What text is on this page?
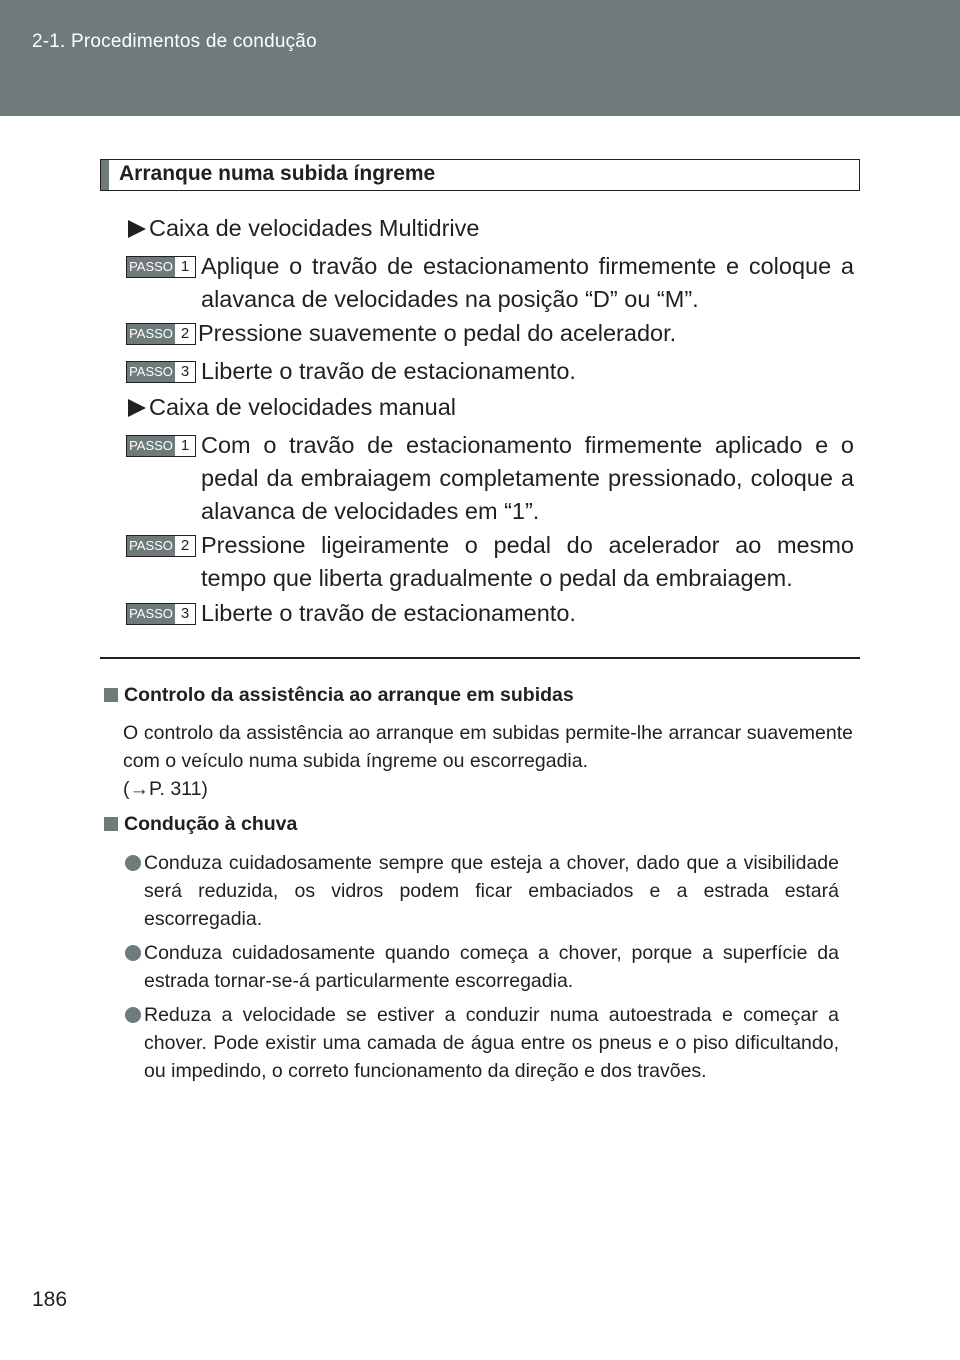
2-1. Procedimentos de condução
Arranque numa subida íngreme
Caixa de velocidades Multidrive
PASSO 1 Aplique o travão de estacionamento firmemente e coloque a alavanca de velocidades na posição “D” ou “M”.
PASSO 2 Pressione suavemente o pedal do acelerador.
PASSO 3 Liberte o travão de estacionamento.
Caixa de velocidades manual
PASSO 1 Com o travão de estacionamento firmemente aplicado e o pedal da embraiagem completamente pressionado, coloque a alavanca de velocidades em “1”.
PASSO 2 Pressione ligeiramente o pedal do acelerador ao mesmo tempo que liberta gradualmente o pedal da embraiagem.
PASSO 3 Liberte o travão de estacionamento.
Controlo da assistência ao arranque em subidas
O controlo da assistência ao arranque em subidas permite-lhe arrancar suavemente com o veículo numa subida íngreme ou escorregadia.
(→P. 311)
Condução à chuva
Conduza cuidadosamente sempre que esteja a chover, dado que a visibilidade será reduzida, os vidros podem ficar embaciados e a estrada estará escorregadia.
Conduza cuidadosamente quando começa a chover, porque a superfície da estrada tornar-se-á particularmente escorregadia.
Reduza a velocidade se estiver a conduzir numa autoestrada e começar a chover. Pode existir uma camada de água entre os pneus e o piso dificultando, ou impedindo, o correto funcionamento da direção e dos travões.
186
